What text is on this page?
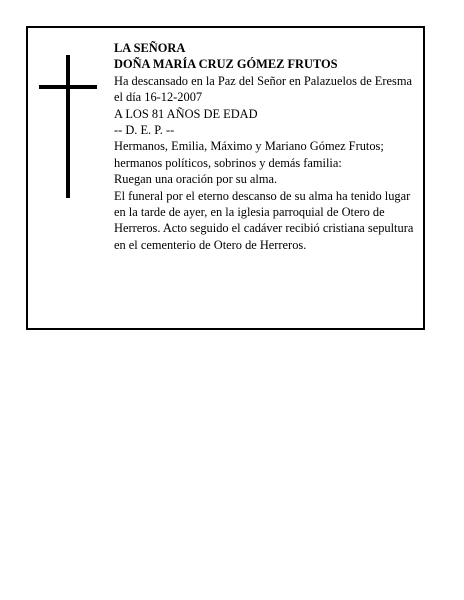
LA SEÑORA

DOÑA MARÍA CRUZ GÓMEZ FRUTOS

Ha descansado en la Paz del Señor en Palazuelos de Eresma el día 16-12-2007

A LOS 81 AÑOS DE EDAD

-- D. E. P. --

Hermanos, Emilia, Máximo y Mariano Gómez Frutos; hermanos políticos, sobrinos y demás familia:

Ruegan una oración por su alma.

El funeral por el eterno descanso de su alma ha tenido lugar en la tarde de ayer, en la iglesia parroquial de Otero de Herreros. Acto seguido el cadáver recibió cristiana sepultura en el cementerio de Otero de Herreros.
